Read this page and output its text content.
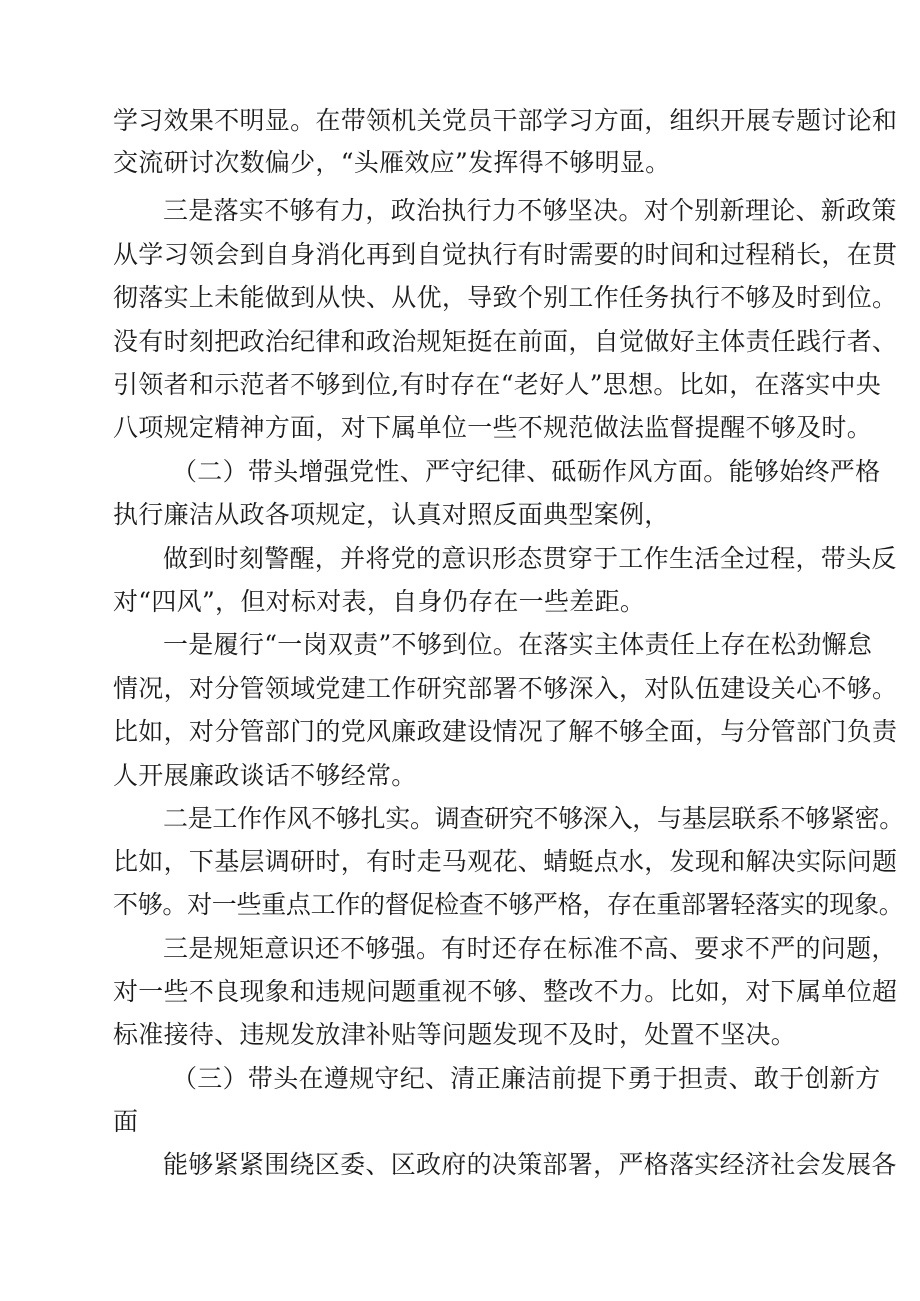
学习效果不明显。在带领机关党员干部学习方面，组织开展专题讨论和
交流研讨次数偏少，“头雁效应”发挥得不够明显。
三是落实不够有力，政治执行力不够坚决。对个别新理论、新政策
从学习领会到自身消化再到自觉执行有时需要的时间和过程稍长，在贯
彻落实上未能做到从快、从优，导致个别工作任务执行不够及时到位。
没有时刻把政治纪律和政治规矩挺在前面，自觉做好主体责任践行者、
引领者和示范者不够到位,有时存在“老好人”思想。比如，在落实中央
八项规定精神方面，对下属单位一些不规范做法监督提醒不够及时。
（二）带头增强党性、严守纪律、砥砺作风方面。能够始终严格
执行廉洁从政各项规定，认真对照反面典型案例，
做到时刻警醒，并将党的意识形态贯穿于工作生活全过程，带头反
对“四风”，但对标对表，自身仍存在一些差距。
一是履行“一岗双责”不够到位。在落实主体责任上存在松劲懈怠
情况，对分管领域党建工作研究部署不够深入，对队伍建设关心不够。
比如，对分管部门的党风廉政建设情况了解不够全面，与分管部门负责
人开展廉政谈话不够经常。
二是工作作风不够扎实。调查研究不够深入，与基层联系不够紧密。
比如，下基层调研时，有时走马观花、蜻蜓点水，发现和解决实际问题
不够。对一些重点工作的督促检查不够严格，存在重部署轻落实的现象。
三是规矩意识还不够强。有时还存在标准不高、要求不严的问题，
对一些不良现象和违规问题重视不够、整改不力。比如，对下属单位超
标准接待、违规发放津补贴等问题发现不及时，处置不坚决。
（三）带头在遵规守纪、清正廉洁前提下勇于担责、敢于创新方
面
能够紧紧围绕区委、区政府的决策部署，严格落实经济社会发展各
